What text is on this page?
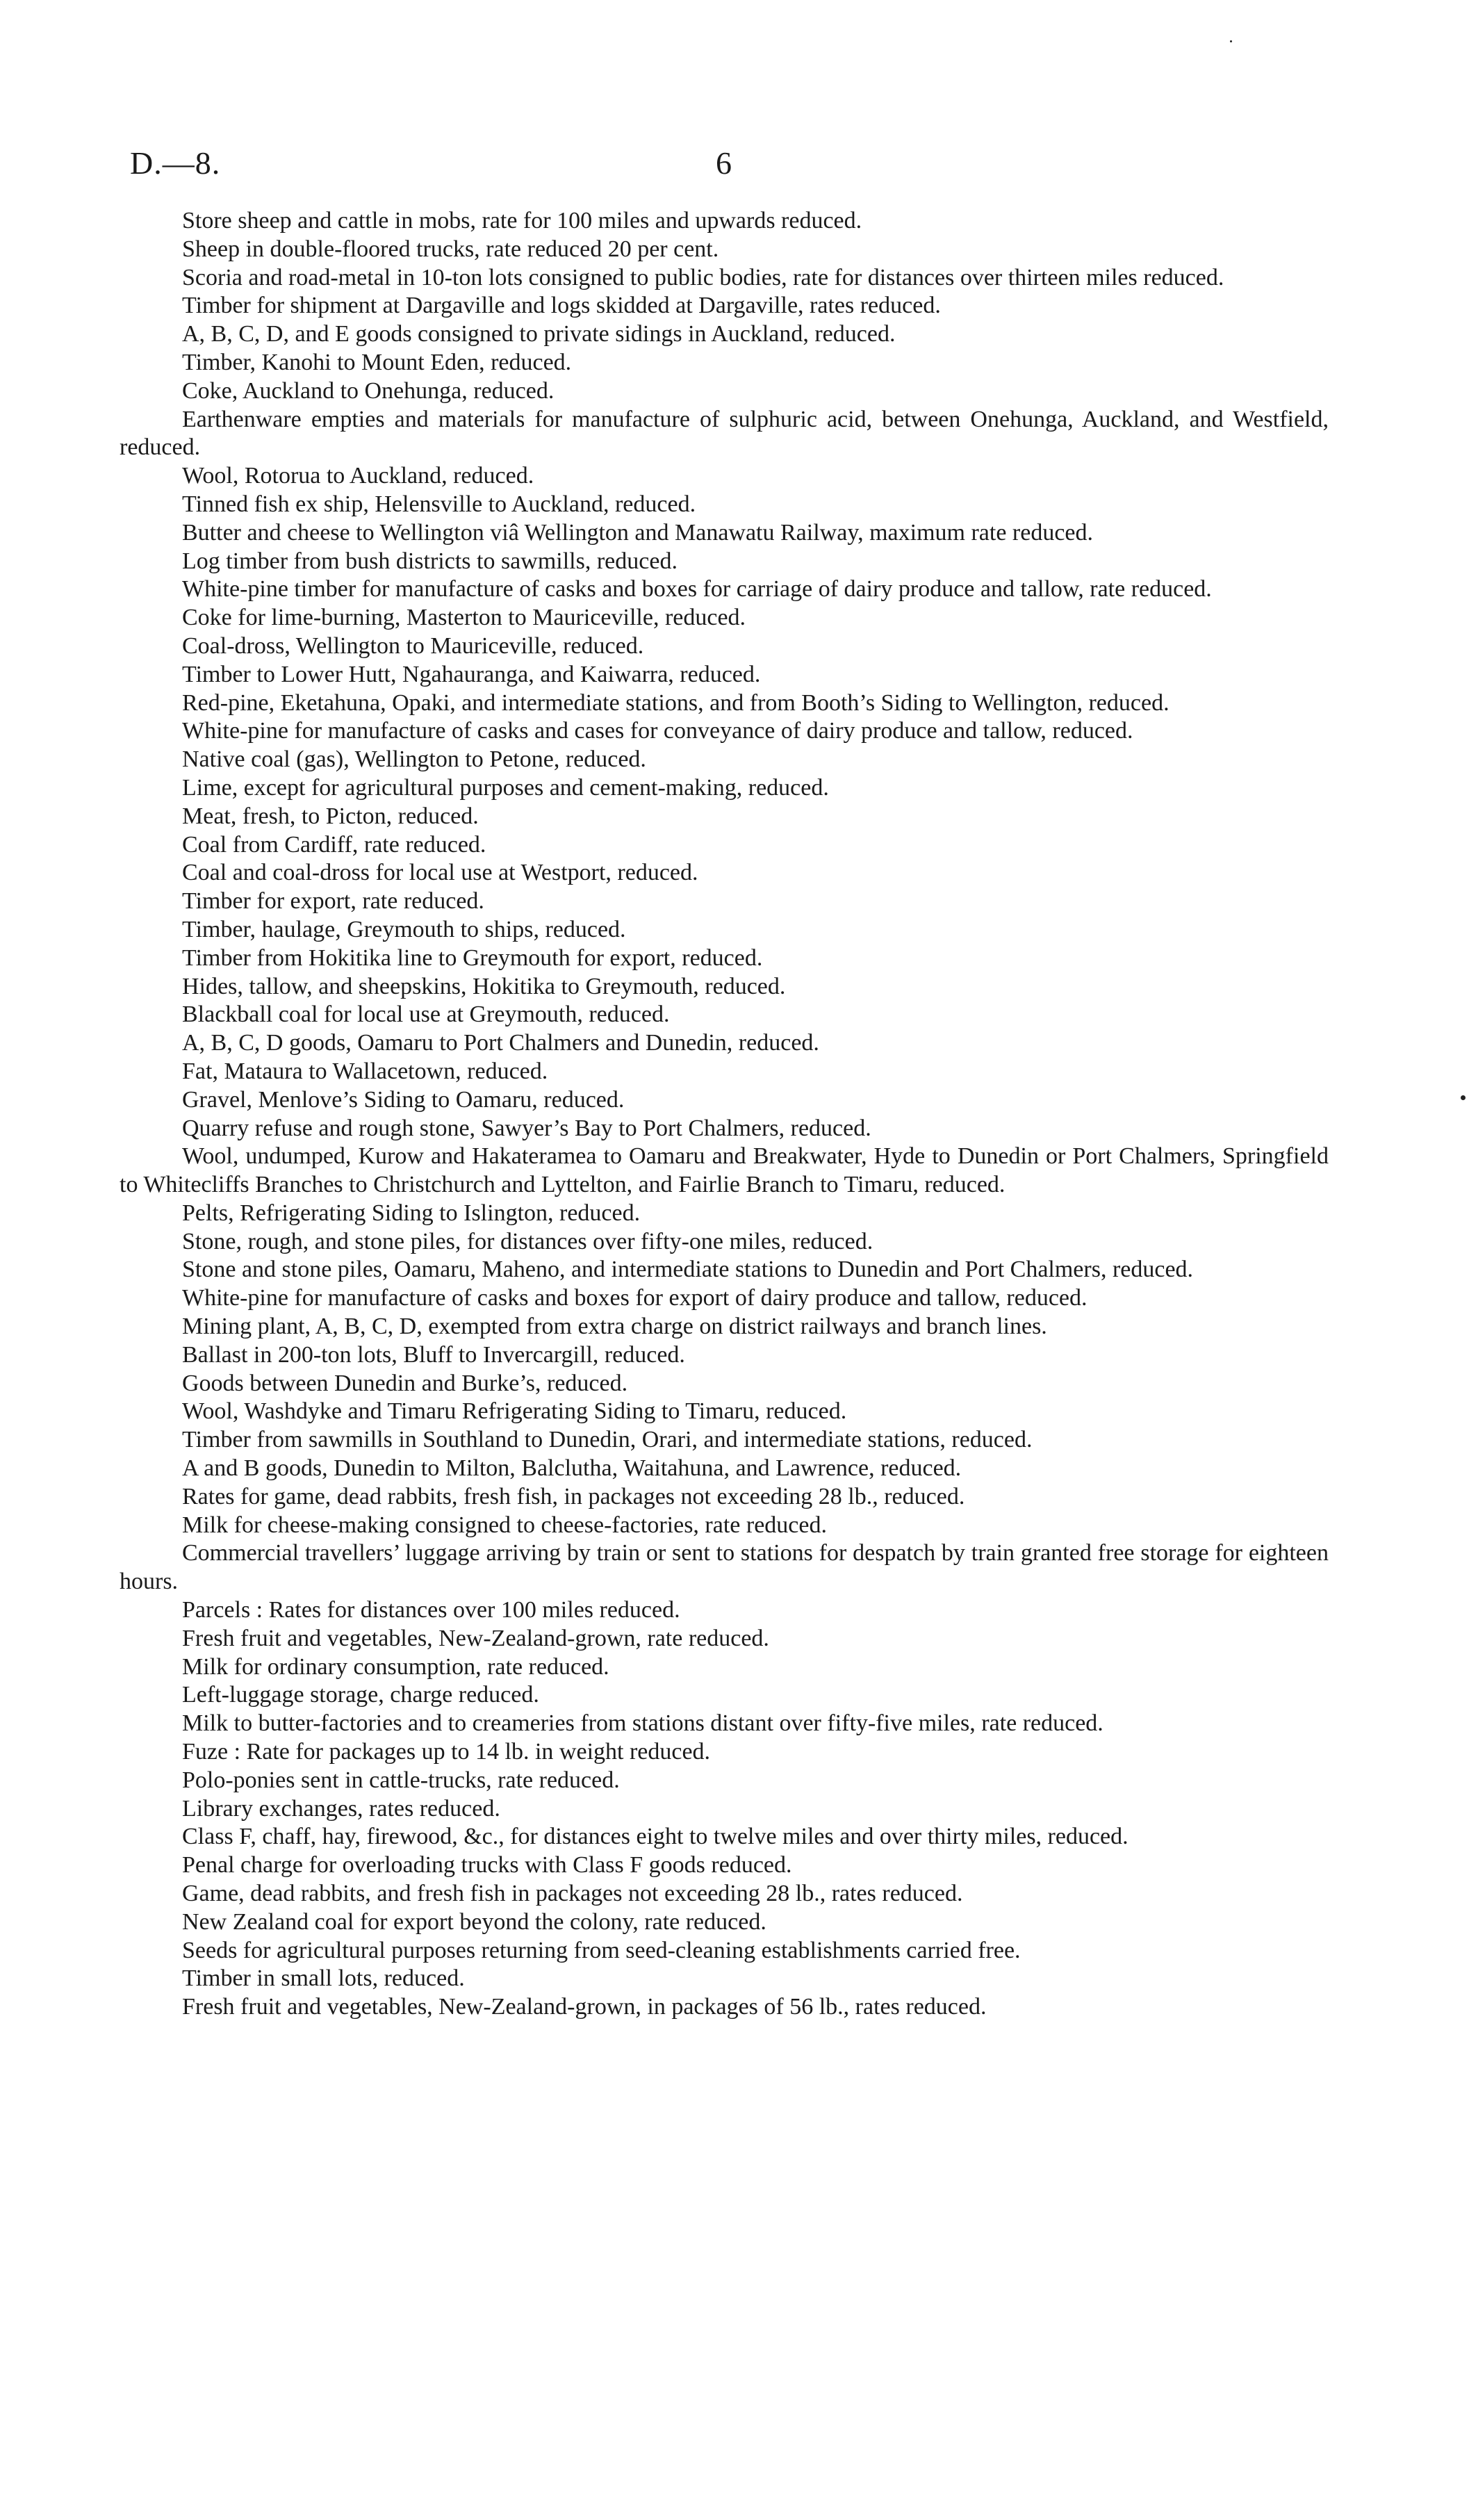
D.—8.	6

Store sheep and cattle in mobs, rate for 100 miles and upwards reduced.

Sheep in double-floored trucks, rate reduced 20 per cent.

Scoria and road-metal in 10-ton lots consigned to public bodies, rate for distances over thirteen miles reduced.

Timber for shipment at Dargaville and logs skidded at Dargaville, rates reduced.

A, B, C, D, and E goods consigned to private sidings in Auckland, reduced.

Timber, Kanohi to Mount Eden, reduced.

Coke, Auckland to Onehunga, reduced.

Earthenware empties and materials for manufacture of sulphuric acid, between Onehunga, Auckland, and Westfield, reduced.

Wool, Rotorua to Auckland, reduced.

Tinned fish ex ship, Helensville to Auckland, reduced.

Butter and cheese to Wellington viâ Wellington and Manawatu Railway, maximum rate reduced.

Log timber from bush districts to sawmills, reduced.

White-pine timber for manufacture of casks and boxes for carriage of dairy produce and tallow, rate reduced.

Coke for lime-burning, Masterton to Mauriceville, reduced.

Coal-dross, Wellington to Mauriceville, reduced.

Timber to Lower Hutt, Ngahauranga, and Kaiwarra, reduced.

Red-pine, Eketahuna, Opaki, and intermediate stations, and from Booth’s Siding to Wellington, reduced.

White-pine for manufacture of casks and cases for conveyance of dairy produce and tallow, reduced.

Native coal (gas), Wellington to Petone, reduced.

Lime, except for agricultural purposes and cement-making, reduced.

Meat, fresh, to Picton, reduced.

Coal from Cardiff, rate reduced.

Coal and coal-dross for local use at Westport, reduced.

Timber for export, rate reduced.

Timber, haulage, Greymouth to ships, reduced.

Timber from Hokitika line to Greymouth for export, reduced.

Hides, tallow, and sheepskins, Hokitika to Greymouth, reduced.

Blackball coal for local use at Greymouth, reduced.

A, B, C, D goods, Oamaru to Port Chalmers and Dunedin, reduced.

Fat, Mataura to Wallacetown, reduced.

Gravel, Menlove’s Siding to Oamaru, reduced.

Quarry refuse and rough stone, Sawyer’s Bay to Port Chalmers, reduced.

Wool, undumped, Kurow and Hakateramea to Oamaru and Breakwater, Hyde to Dunedin or Port Chalmers, Springfield to Whitecliffs Branches to Christchurch and Lyttelton, and Fairlie Branch to Timaru, reduced.

Pelts, Refrigerating Siding to Islington, reduced.

Stone, rough, and stone piles, for distances over fifty-one miles, reduced.

Stone and stone piles, Oamaru, Maheno, and intermediate stations to Dunedin and Port Chalmers, reduced.

White-pine for manufacture of casks and boxes for export of dairy produce and tallow, reduced.

Mining plant, A, B, C, D, exempted from extra charge on district railways and branch lines.

Ballast in 200-ton lots, Bluff to Invercargill, reduced.

Goods between Dunedin and Burke’s, reduced.

Wool, Washdyke and Timaru Refrigerating Siding to Timaru, reduced.

Timber from sawmills in Southland to Dunedin, Orari, and intermediate stations, reduced.

A and B goods, Dunedin to Milton, Balclutha, Waitahuna, and Lawrence, reduced.

Rates for game, dead rabbits, fresh fish, in packages not exceeding 28 lb., reduced.

Milk for cheese-making consigned to cheese-factories, rate reduced.

Commercial travellers’ luggage arriving by train or sent to stations for despatch by train granted free storage for eighteen hours.

Parcels : Rates for distances over 100 miles reduced.

Fresh fruit and vegetables, New-Zealand-grown, rate reduced.

Milk for ordinary consumption, rate reduced.

Left-luggage storage, charge reduced.

Milk to butter-factories and to creameries from stations distant over fifty-five miles, rate reduced.

Fuze : Rate for packages up to 14 lb. in weight reduced.

Polo-ponies sent in cattle-trucks, rate reduced.

Library exchanges, rates reduced.

Class F, chaff, hay, firewood, &c., for distances eight to twelve miles and over thirty miles, reduced.

Penal charge for overloading trucks with Class F goods reduced.

Game, dead rabbits, and fresh fish in packages not exceeding 28 lb., rates reduced.

New Zealand coal for export beyond the colony, rate reduced.

Seeds for agricultural purposes returning from seed-cleaning establishments carried free.

Timber in small lots, reduced.

Fresh fruit and vegetables, New-Zealand-grown, in packages of 56 lb., rates reduced.
